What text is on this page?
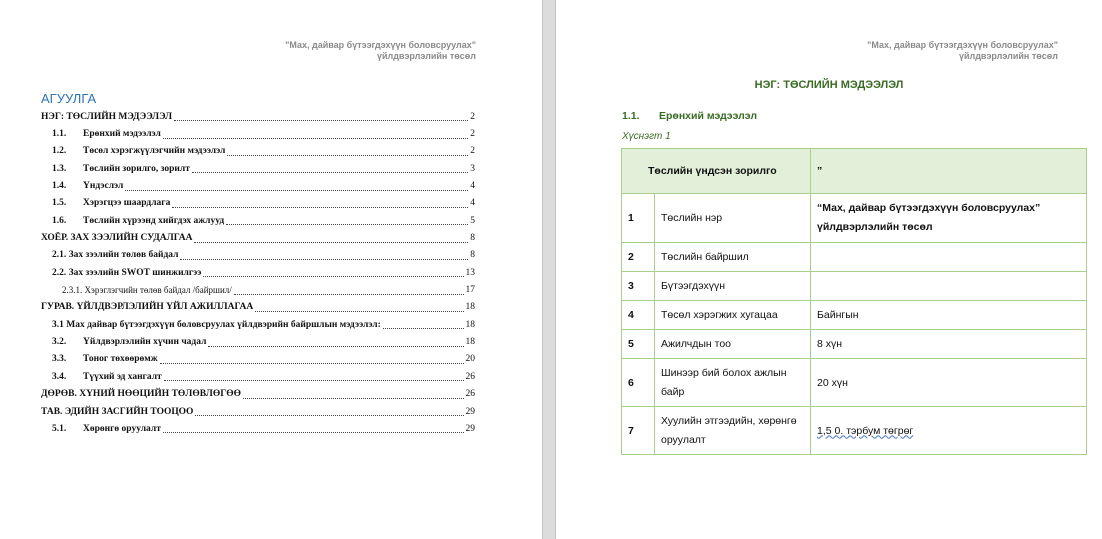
"Мах, дайвар бүтээгдэхүүн боловсруулах"
үйлдвэрлэлийн төсөл
АГУУЛГА
НЭГ: ТӨСЛИЙН МЭДЭЭЛЭЛ	2
1.1.	Ерөнхий мэдээлэл	2
1.2.	Төсөл хэрэгжүүлэгчийн мэдээлэл	2
1.3.	Төслийн зорилго, зорилт	3
1.4.	Үндэслэл	4
1.5.	Хэрэгцээ шаардлага	4
1.6.	Төслийн хүрээнд хийгдэх ажлууд	5
ХОЁР. ЗАХ ЗЭЭЛИЙН СУДАЛГАА	8
2.1. Зах зээлийн төлөв байдал	8
2.2. Зах зээлийн SWOT шинжилгээ	13
2.3.1. Хэрэглэгчийн төлөв байдал /байршил/	17
ГУРАВ. ҮЙЛДВЭРЛЭЛИЙН ҮЙЛ АЖИЛЛАГАА	18
3.1 Мах дайвар бүтээгдэхүүн боловсруулах үйлдвэрийн байршлын мэдээлэл:	18
3.2.	Үйлдвэрлэлийн хүчин чадал	18
3.3.	Тоног төхөөрөмж	20
3.4.	Түүхий эд хангалт	26
ДӨРӨВ. ХҮНИЙ НӨӨЦИЙН ТӨЛӨВЛӨГӨӨ	26
ТАВ. ЭДИЙН ЗАСГИЙН ТООЦОО	29
5.1.	Хөрөнгө оруулалт	29
"Мах, дайвар бүтээгдэхүүн боловсруулах"
үйлдвэрлэлийн төсөл
НЭГ: ТӨСЛИЙН МЭДЭЭЛЭЛ
1.1. Ерөнхий мэдээлэл
Хүснэгт 1
Төслийн үндсэн зорилго		”
1	Төслийн нэр	“Мах, дайвар бүтээгдэхүүн боловсруулах” үйлдвэрлэлийн төсөл
2	Төслийн байршил	
3	Бүтээгдэхүүн	
4	Төсөл хэрэгжих хугацаа	Байнгын
5	Ажилчдын тоо	8 хүн
6	Шинээр бий болох ажлын байр	20 хүн
7	Хуулийн этгээдийн, хөрөнгө оруулалт	1,5 0. тэрбум төгрөг
